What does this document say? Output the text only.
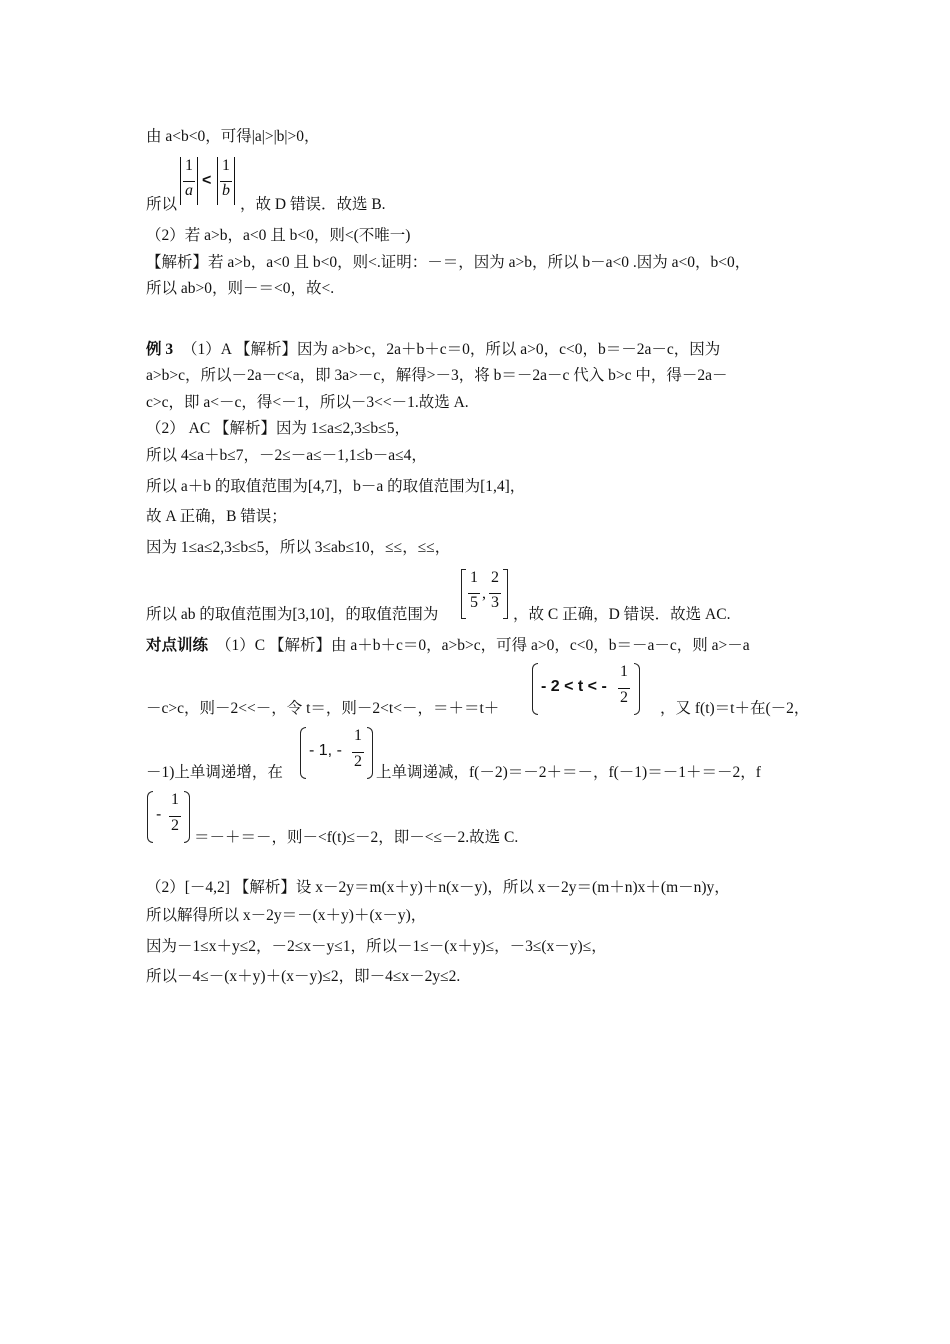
由 a<b<0，可得|a|>|b|>0，
1
a
<
1
b
所以	，故 D 错误．故选 B.
（2）若 a>b，a<0 且 b<0，则<(不唯一)
【解析】若 a>b，a<0 且 b<0，则<.证明：－＝，因为 a>b，所以 b－a<0 .因为 a<0，b<0，
所以 ab>0，则－＝<0，故<.
例 3 （1）A 【解析】因为 a>b>c，2a＋b＋c＝0，所以 a>0，c<0，b＝－2a－c，因为
a>b>c，所以－2a－c<a，即 3a>－c，解得>－3，将 b＝－2a－c 代入 b>c 中，得－2a－
c>c，即 a<－c，得<－1，所以－3<<－1.故选 A.
（2） AC 【解析】因为 1≤a≤2,3≤b≤5，
所以 4≤a＋b≤7，－2≤－a≤－1,1≤b－a≤4，
所以 a＋b 的取值范围为[4,7]，b－a 的取值范围为[1,4]，
故 A 正确，B 错误；
因为 1≤a≤2,3≤b≤5，所以 3≤ab≤10，≤≤，≤≤，
1
5
,
2
3
所以 ab 的取值范围为[3,10]，的取值范围为	，故 C 正确，D 错误．故选 AC.
对点训练 （1）C 【解析】由 a＋b＋c＝0，a>b>c，可得 a>0，c<0，b＝－a－c，则 a>－a
- 2 < t < -
1
2
－c>c，则－2<<－，令 t＝，则－2<t<－，＝＋＝t＋	，又 f(t)＝t＋在(－2，
- 1, -
1
2
－1)上单调递增，在	上单调递减，f(－2)＝－2＋＝－，f(－1)＝－1＋＝－2，f
-
1
2
＝－＋＝－，则－<f(t)≤－2，即－<≤－2.故选 C.
（2）[－4,2] 【解析】设 x－2y＝m(x＋y)＋n(x－y)，所以 x－2y＝(m＋n)x＋(m－n)y，
所以解得所以 x－2y＝－(x＋y)＋(x－y)，
因为－1≤x＋y≤2，－2≤x－y≤1，所以－1≤－(x＋y)≤，－3≤(x－y)≤，
所以－4≤－(x＋y)＋(x－y)≤2，即－4≤x－2y≤2.
